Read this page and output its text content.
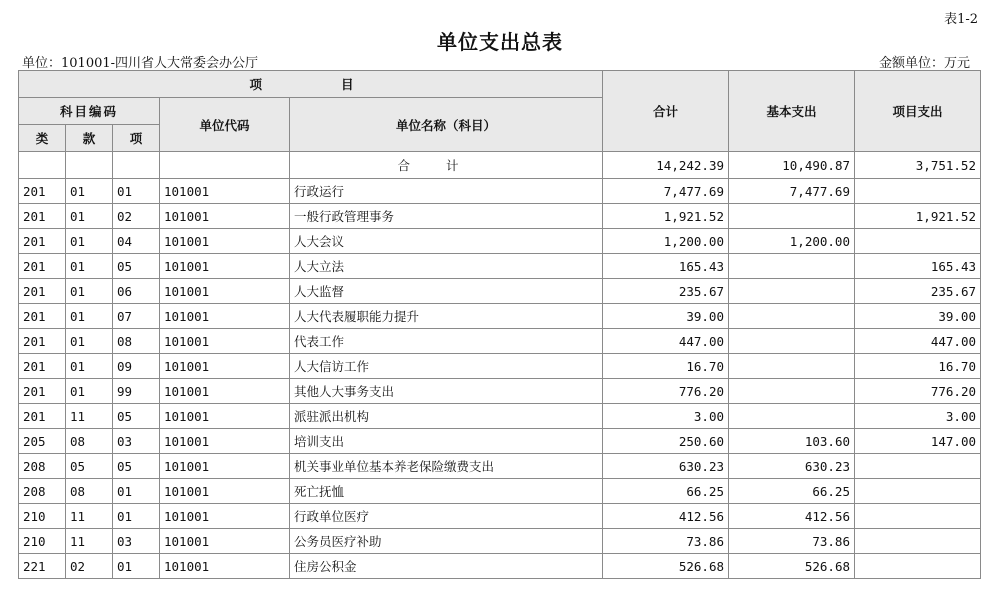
表1-2
单位支出总表
单位：101001-四川省人大常委会办公厅	金额单位：万元
项　　目					合计	基本支出	项目支出
科目编码			单位代码	单位名称（科目）			
类	款	项					
				合计	14,242.39	10,490.87	3,751.52
201	01	01	101001	行政运行	7,477.69	7,477.69	
201	01	02	101001	一般行政管理事务	1,921.52		1,921.52
201	01	04	101001	人大会议	1,200.00	1,200.00	
201	01	05	101001	人大立法	165.43		165.43
201	01	06	101001	人大监督	235.67		235.67
201	01	07	101001	人大代表履职能力提升	39.00		39.00
201	01	08	101001	代表工作	447.00		447.00
201	01	09	101001	人大信访工作	16.70		16.70
201	01	99	101001	其他人大事务支出	776.20		776.20
201	11	05	101001	派驻派出机构	3.00		3.00
205	08	03	101001	培训支出	250.60	103.60	147.00
208	05	05	101001	机关事业单位基本养老保险缴费支出	630.23	630.23	
208	08	01	101001	死亡抚恤	66.25	66.25	
210	11	01	101001	行政单位医疗	412.56	412.56	
210	11	03	101001	公务员医疗补助	73.86	73.86	
221	02	01	101001	住房公积金	526.68	526.68	
